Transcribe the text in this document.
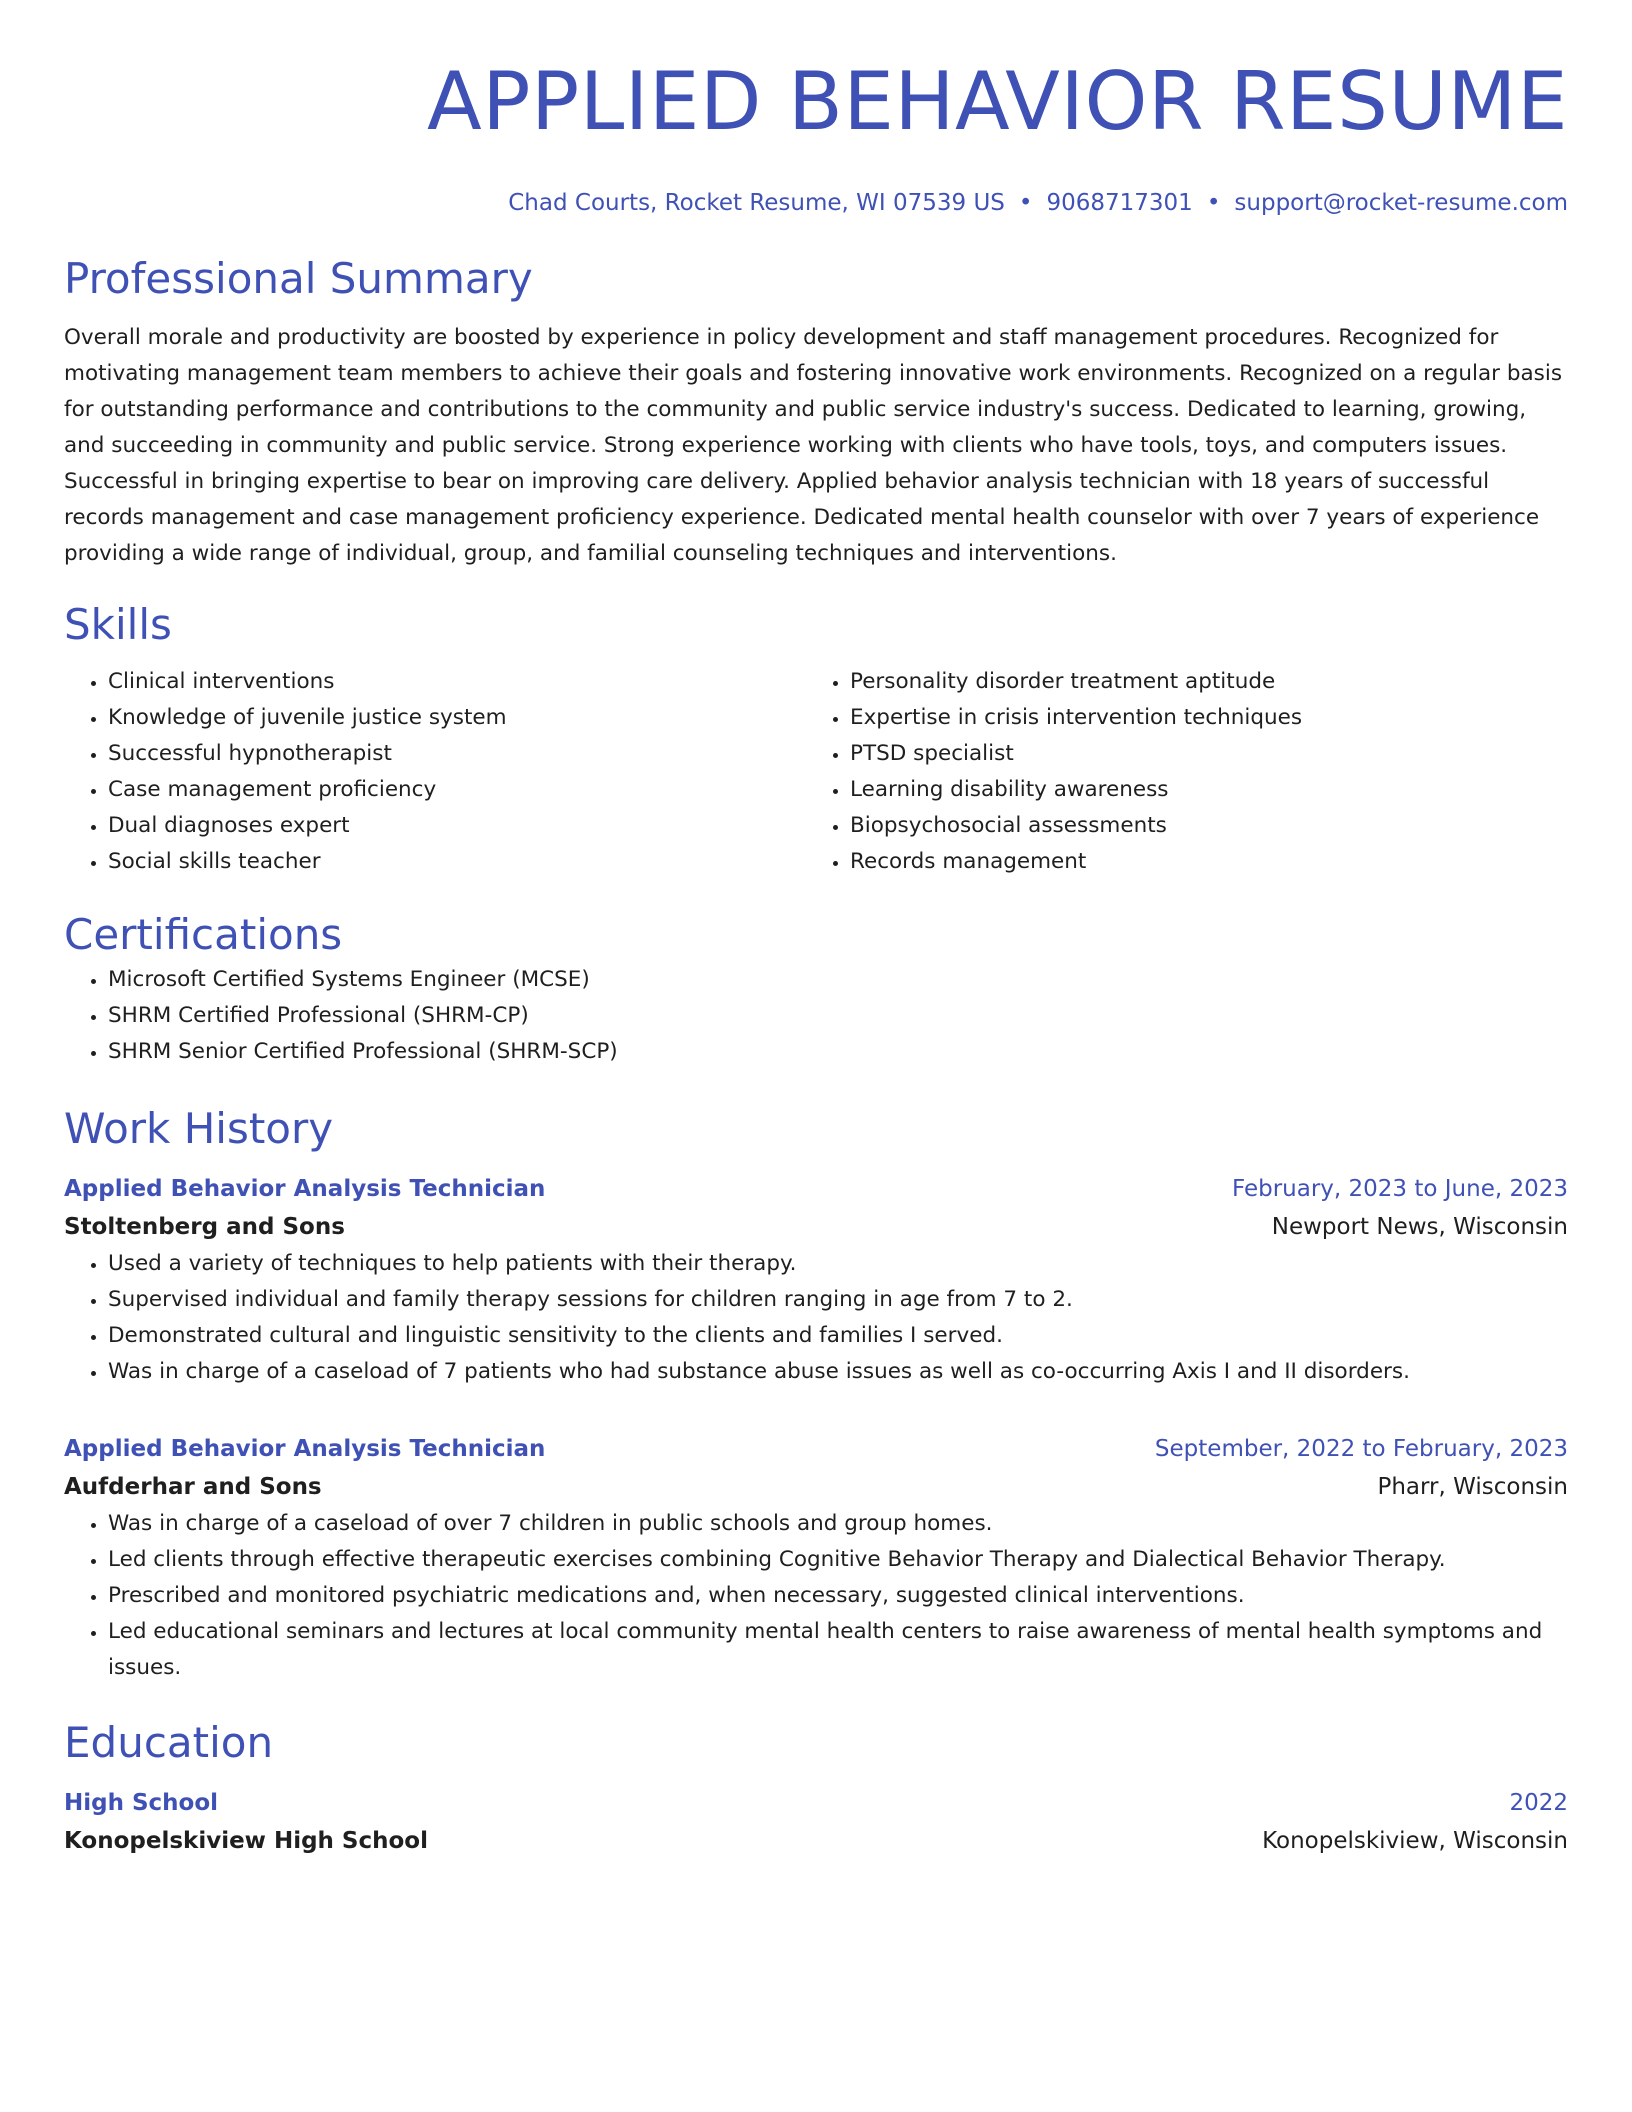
APPLIED BEHAVIOR RESUME
Chad Courts, Rocket Resume, WI 07539 US • 9068717301 • support@rocket-resume.com
Professional Summary

Overall morale and productivity are boosted by experience in policy development and staff management procedures. Recognized for motivating management team members to achieve their goals and fostering innovative work environments. Recognized on a regular basis for outstanding performance and contributions to the community and public service industry's success. Dedicated to learning, growing, and succeeding in community and public service. Strong experience working with clients who have tools, toys, and computers issues. Successful in bringing expertise to bear on improving care delivery. Applied behavior analysis technician with 18 years of successful records management and case management proficiency experience. Dedicated mental health counselor with over 7 years of experience providing a wide range of individual, group, and familial counseling techniques and interventions.

Skills
• Clinical interventions
• Knowledge of juvenile justice system
• Successful hypnotherapist
• Case management proficiency
• Dual diagnoses expert
• Social skills teacher
• Personality disorder treatment aptitude
• Expertise in crisis intervention techniques
• PTSD specialist
• Learning disability awareness
• Biopsychosocial assessments
• Records management
Certifications
• Microsoft Certified Systems Engineer (MCSE)
• SHRM Certified Professional (SHRM-CP)
• SHRM Senior Certified Professional (SHRM-SCP)
Work History
Applied Behavior Analysis Technician	February, 2023 to June, 2023
Stoltenberg and Sons	Newport News, Wisconsin
• Used a variety of techniques to help patients with their therapy.
• Supervised individual and family therapy sessions for children ranging in age from 7 to 2.
• Demonstrated cultural and linguistic sensitivity to the clients and families I served.
• Was in charge of a caseload of 7 patients who had substance abuse issues as well as co-occurring Axis I and II disorders.
Applied Behavior Analysis Technician	September, 2022 to February, 2023
Aufderhar and Sons	Pharr, Wisconsin
• Was in charge of a caseload of over 7 children in public schools and group homes.
• Led clients through effective therapeutic exercises combining Cognitive Behavior Therapy and Dialectical Behavior Therapy.
• Prescribed and monitored psychiatric medications and, when necessary, suggested clinical interventions.
• Led educational seminars and lectures at local community mental health centers to raise awareness of mental health symptoms and issues.
Education
High School	2022
Konopelskiview High School	Konopelskiview, Wisconsin
